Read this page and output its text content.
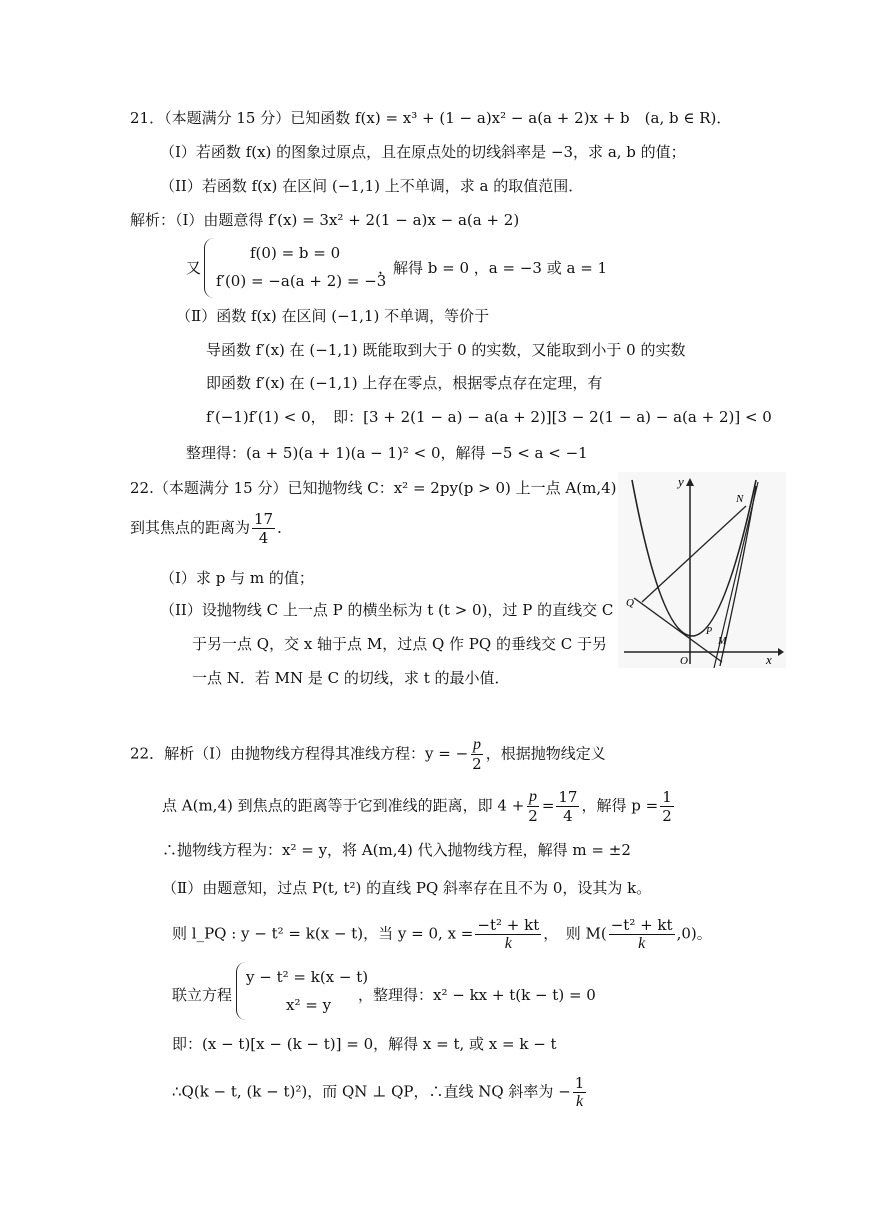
21．（本题满分 15 分）已知函数 f(x) = x³ + (1 − a)x² − a(a + 2)x + b　(a, b ∈ R)．
（I）若函数 f(x) 的图象过原点，且在原点处的切线斜率是 −3，求 a, b 的值；
（II）若函数 f(x) 在区间 (−1,1) 上不单调，求 a 的取值范围．
解析：（Ⅰ）由题意得 f′(x) = 3x² + 2(1 − a)x − a(a + 2)
又
f(0) = b = 0
f′(0) = −a(a + 2) = −3
，解得 b = 0 ，a = −3 或 a = 1
（Ⅱ）函数 f(x) 在区间 (−1,1) 不单调，等价于
导函数 f′(x) 在 (−1,1) 既能取到大于 0 的实数，又能取到小于 0 的实数
即函数 f′(x) 在 (−1,1) 上存在零点，根据零点存在定理，有
f′(−1)f′(1) < 0，　即：[3 + 2(1 − a) − a(a + 2)][3 − 2(1 − a) − a(a + 2)] < 0
整理得：(a + 5)(a + 1)(a − 1)² < 0，解得 −5 < a < −1
22.（本题满分 15 分）已知抛物线 C：x² = 2py(p > 0) 上一点 A(m,4)
到其焦点的距离为 $\frac{17}{4}$ ．
（I）求 p 与 m 的值；
（II）设抛物线 C 上一点 P 的横坐标为 t (t > 0)，过 P 的直线交 C
于另一点 Q，交 x 轴于点 M，过点 Q 作 PQ 的垂线交 C 于另
一点 N．若 MN 是 C 的切线，求 t 的最小值．
y
x
O
N
Q
M
P
22．解析（Ⅰ）由抛物线方程得其准线方程：y = − $\frac{p}{2}$ ，根据抛物线定义
点 A(m,4) 到焦点的距离等于它到准线的距离，即 $4 + \frac{p}{2} = \frac{17}{4}$ ，解得 $p = \frac{1}{2}$
∴抛物线方程为：x² = y，将 A(m,4) 代入抛物线方程，解得 m = ±2
（Ⅱ）由题意知，过点 P(t, t²) 的直线 PQ 斜率存在且不为 0，设其为 k。
则 l_PQ : y − t² = k(x − t)，当 y = 0, $x = \frac{\text{−t² + kt}}{k}$ ，　则 $M( \frac{\text{−t² + kt}}{k} ,0)$。
联立方程
y − t² = k(x − t)
x² = y
，整理得：x² − kx + t(k − t) = 0
即：(x − t)[x − (k − t)] = 0，解得 x = t, 或 x = k − t
∴Q(k − t, (k − t)²)，而 QN ⊥ QP，∴直线 NQ 斜率为 − $\frac{1}{k}$
